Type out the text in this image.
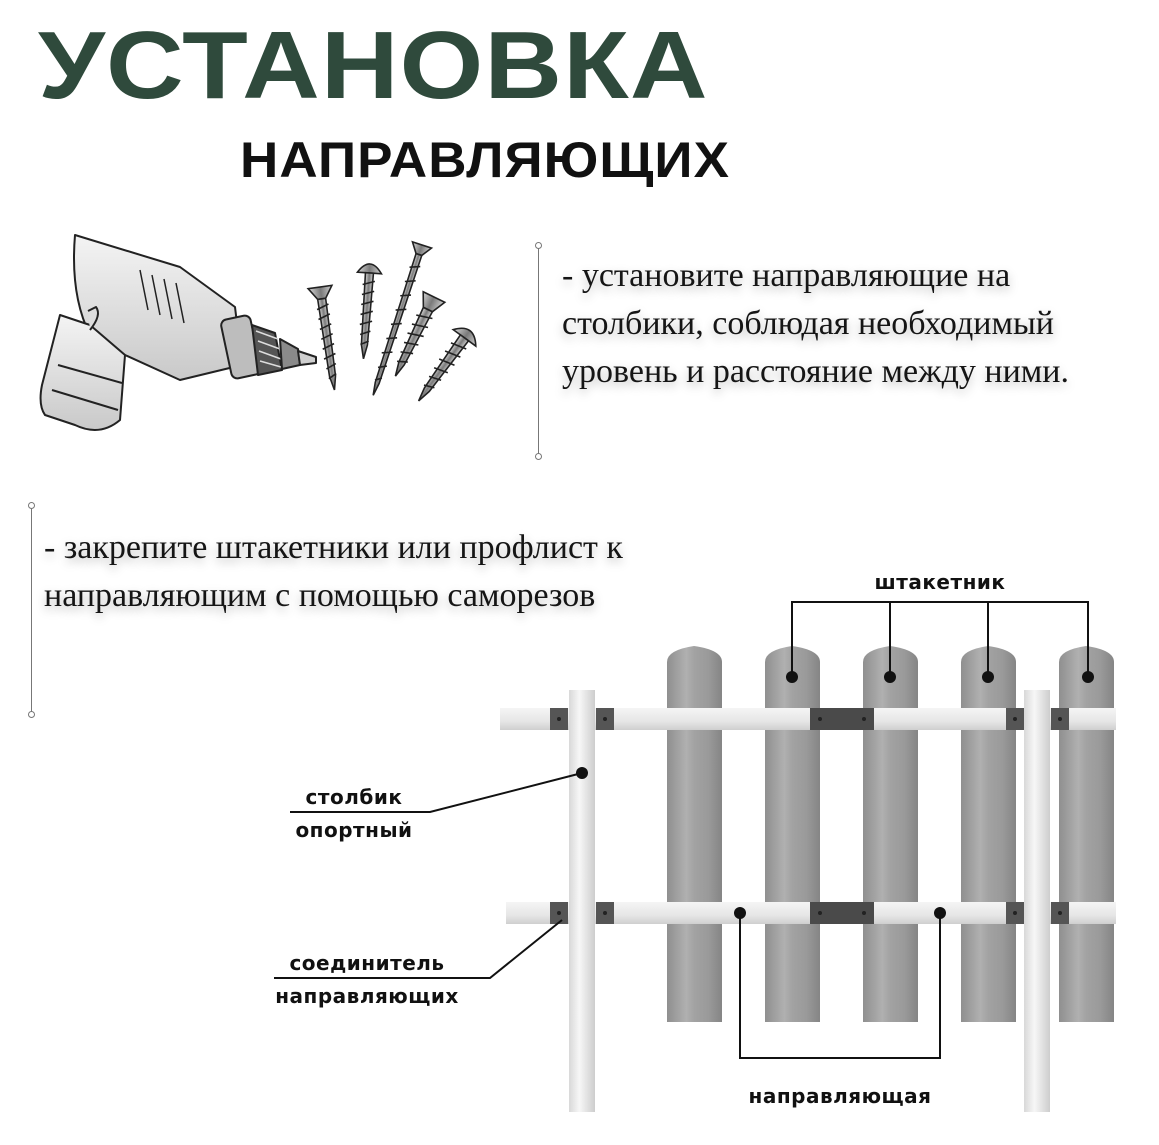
УСТАНОВКА
НАПРАВЛЯЮЩИХ

- установите направляющие на столбики, соблюдая необходимый уровень и расстояние между ними.

- закрепите штакетники или профлист к направляющим с помощью саморезов	штакетник
столбик
опортный
соединитель
направляющих
направляющая
